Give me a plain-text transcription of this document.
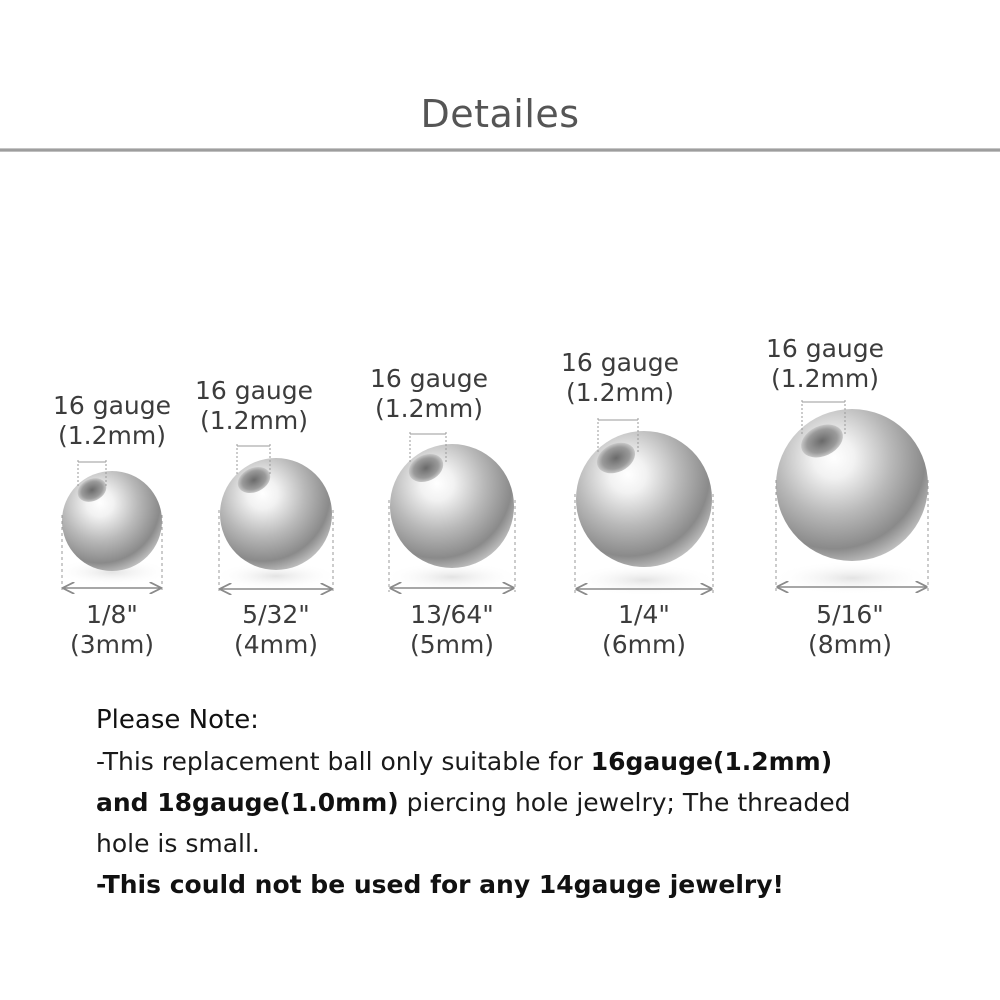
Detailes
16 gauge
(1.2mm)
16 gauge
(1.2mm)
16 gauge
(1.2mm)
16 gauge
(1.2mm)
16 gauge
(1.2mm)
1/8"
(3mm)
5/32"
(4mm)
13/64"
(5mm)
1/4"
(6mm)
5/16"
(8mm)
Please Note:
-This replacement ball only suitable for 16gauge(1.2mm)
and 18gauge(1.0mm) piercing hole jewelry; The threaded
hole is small.
-This could not be used for any 14gauge jewelry!
